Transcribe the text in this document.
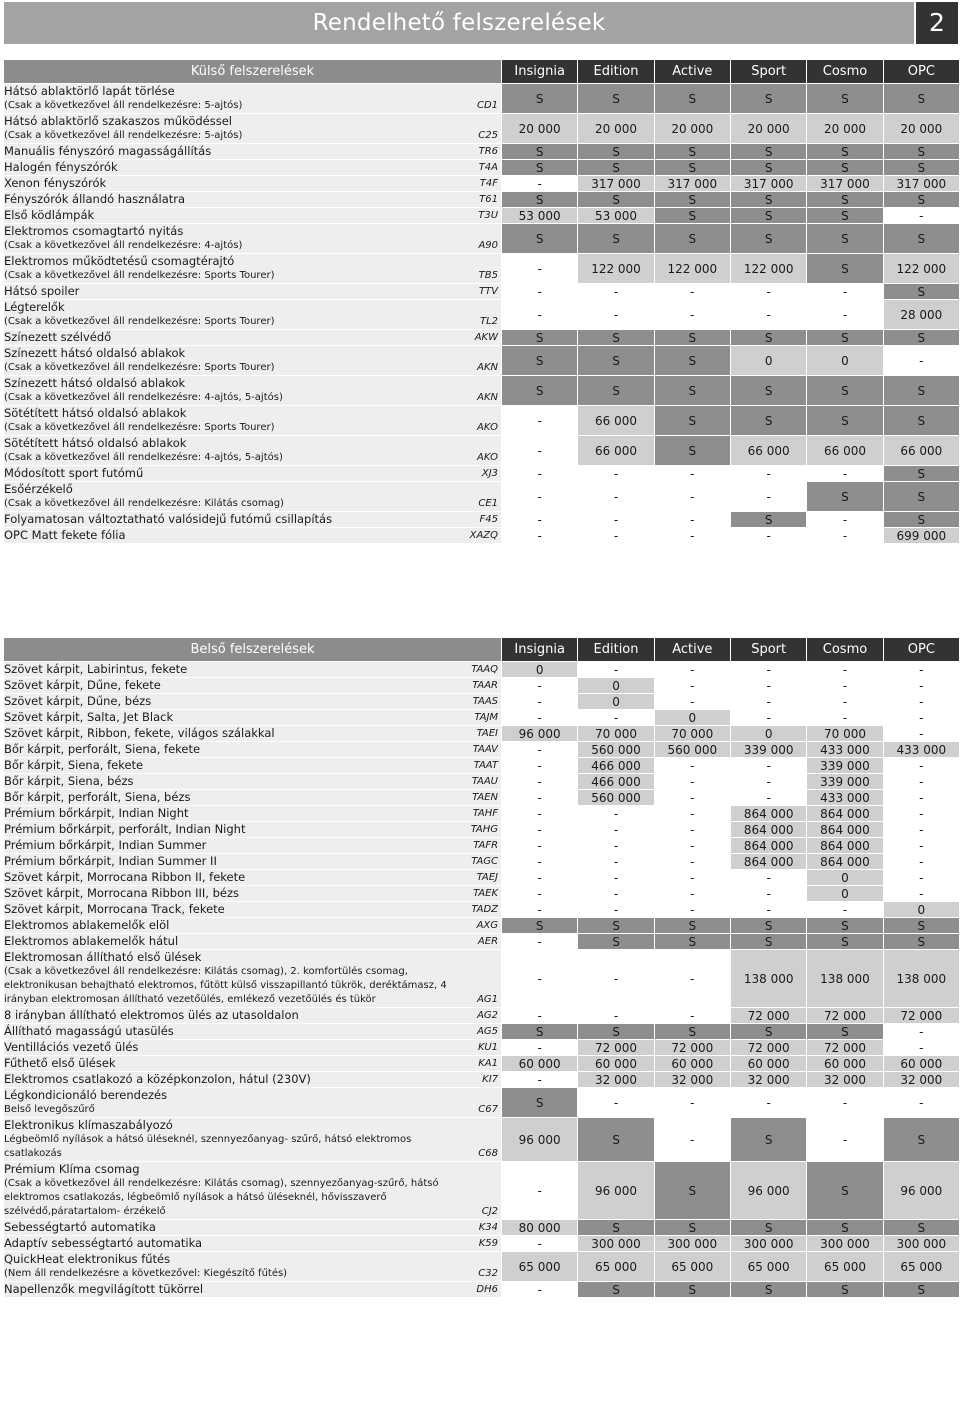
Rendelhető felszerelések	2
Külső felszerelések	Insignia	Edition	Active	Sport	Cosmo	OPC

Hátsó ablaktörlő lapát törlése
(Csak a következővel áll rendelkezésre: 5-ajtós) CD1	S	S	S	S	S	S

Hátsó ablaktörlő szakaszos működéssel
(Csak a következővel áll rendelkezésre: 5-ajtós) C25	20 000	20 000	20 000	20 000	20 000	20 000

Manuális fényszóró magasságállítás TR6	S	S	S	S	S	S

Halogén fényszórók T4A	S	S	S	S	S	S

Xenon fényszórók T4F	-	317 000	317 000	317 000	317 000	317 000

Fényszórók állandó használatra T61	S	S	S	S	S	S

Első ködlámpák T3U	53 000	53 000	S	S	S	-

Elektromos csomagtartó nyitás
(Csak a következővel áll rendelkezésre: 4-ajtós) A90	S	S	S	S	S	S

Elektromos működtetésű csomagtérajtó
(Csak a következővel áll rendelkezésre: Sports Tourer) TB5	-	122 000	122 000	122 000	S	122 000

Hátsó spoiler TTV	-	-	-	-	-	S

Légterelők
(Csak a következővel áll rendelkezésre: Sports Tourer) TL2	-	-	-	-	-	28 000

Színezett szélvédő AKW	S	S	S	S	S	S

Színezett hátsó oldalsó ablakok
(Csak a következővel áll rendelkezésre: Sports Tourer) AKN	S	S	S	0	0	-

Színezett hátsó oldalsó ablakok
(Csak a következővel áll rendelkezésre: 4-ajtós, 5-ajtós) AKN	S	S	S	S	S	S

Sötétített hátsó oldalsó ablakok
(Csak a következővel áll rendelkezésre: Sports Tourer) AKO	-	66 000	S	S	S	S

Sötétített hátsó oldalsó ablakok
(Csak a következővel áll rendelkezésre: 4-ajtós, 5-ajtós) AKO	-	66 000	S	66 000	66 000	66 000

Módosított sport futómű XJ3	-	-	-	-	-	S

Esőérzékelő
(Csak a következővel áll rendelkezésre: Kilátás csomag) CE1	-	-	-	-	S	S

Folyamatosan változtatható valósidejű futómű csillapítás F45	-	-	-	S	-	S

OPC Matt fekete fólia XAZQ	-	-	-	-	-	699 000
Belső felszerelések	Insignia	Edition	Active	Sport	Cosmo	OPC

Szövet kárpit, Labirintus, fekete TAAQ	0	-	-	-	-	-

Szövet kárpit, Dűne, fekete TAAR	-	0	-	-	-	-

Szövet kárpit, Dűne, bézs TAAS	-	0	-	-	-	-

Szövet kárpit, Salta, Jet Black TAJM	-	-	0	-	-	-

Szövet kárpit, Ribbon, fekete, világos szálakkal TAEI	96 000	70 000	70 000	0	70 000	-

Bőr kárpit, perforált, Siena, fekete TAAV	-	560 000	560 000	339 000	433 000	433 000

Bőr kárpit, Siena, fekete TAAT	-	466 000	-	-	339 000	-

Bőr kárpit, Siena, bézs TAAU	-	466 000	-	-	339 000	-

Bőr kárpit, perforált, Siena, bézs TAEN	-	560 000	-	-	433 000	-

Prémium bőrkárpit, Indian Night TAHF	-	-	-	864 000	864 000	-

Prémium bőrkárpit, perforált, Indian Night TAHG	-	-	-	864 000	864 000	-

Prémium bőrkárpit, Indian Summer TAFR	-	-	-	864 000	864 000	-

Prémium bőrkárpit, Indian Summer II TAGC	-	-	-	864 000	864 000	-

Szövet kárpit, Morrocana Ribbon II, fekete TAEJ	-	-	-	-	0	-

Szövet kárpit, Morrocana Ribbon III, bézs TAEK	-	-	-	-	0	-

Szövet kárpit, Morrocana Track, fekete TADZ	-	-	-	-	-	0

Elektromos ablakemelők elöl AXG	S	S	S	S	S	S

Elektromos ablakemelők hátul AER	-	S	S	S	S	S

Elektromosan állítható első ülések
(Csak a következővel áll rendelkezésre: Kilátás csomag), 2. komfortülés csomag, elektronikusan behajtható elektromos, fűtött külső visszapillantó tükrök, deréktámasz, 4 irányban elektromosan állítható vezetőülés, emlékező vezetőülés és tükör AG1	-	-	-	138 000	138 000	138 000

8 irányban állítható elektromos ülés az utasoldalon AG2	-	-	-	72 000	72 000	72 000

Állítható magasságú utasülés AG5	S	S	S	S	S	-

Ventillációs vezető ülés KU1	-	72 000	72 000	72 000	72 000	-

Fűthető első ülések KA1	60 000	60 000	60 000	60 000	60 000	60 000

Elektromos csatlakozó a középkonzolon, hátul (230V) KI7	-	32 000	32 000	32 000	32 000	32 000

Légkondicionáló berendezés
Belső levegőszűrő C67	S	-	-	-	-	-

Elektronikus klímaszabályozó
Légbeömlő nyílások a hátsó üléseknél, szennyezőanyag- szűrő, hátsó elektromos csatlakozás C68	96 000	S	-	S	-	S

Prémium Klíma csomag
(Csak a következővel áll rendelkezésre: Kilátás csomag), szennyezőanyag-szűrő, hátsó elektromos csatlakozás, légbeömlő nyílások a hátsó üléseknél, hővisszaverő szélvédő,páratartalom- érzékelő CJ2	-	96 000	S	96 000	S	96 000

Sebességtartó automatika K34	80 000	S	S	S	S	S

Adaptív sebességtartó automatika K59	-	300 000	300 000	300 000	300 000	300 000

QuickHeat elektronikus fűtés
(Nem áll rendelkezésre a következővel: Kiegészítő fűtés) C32	65 000	65 000	65 000	65 000	65 000	65 000

Napellenzők megvilágított tükörrel DH6	-	S	S	S	S	S
